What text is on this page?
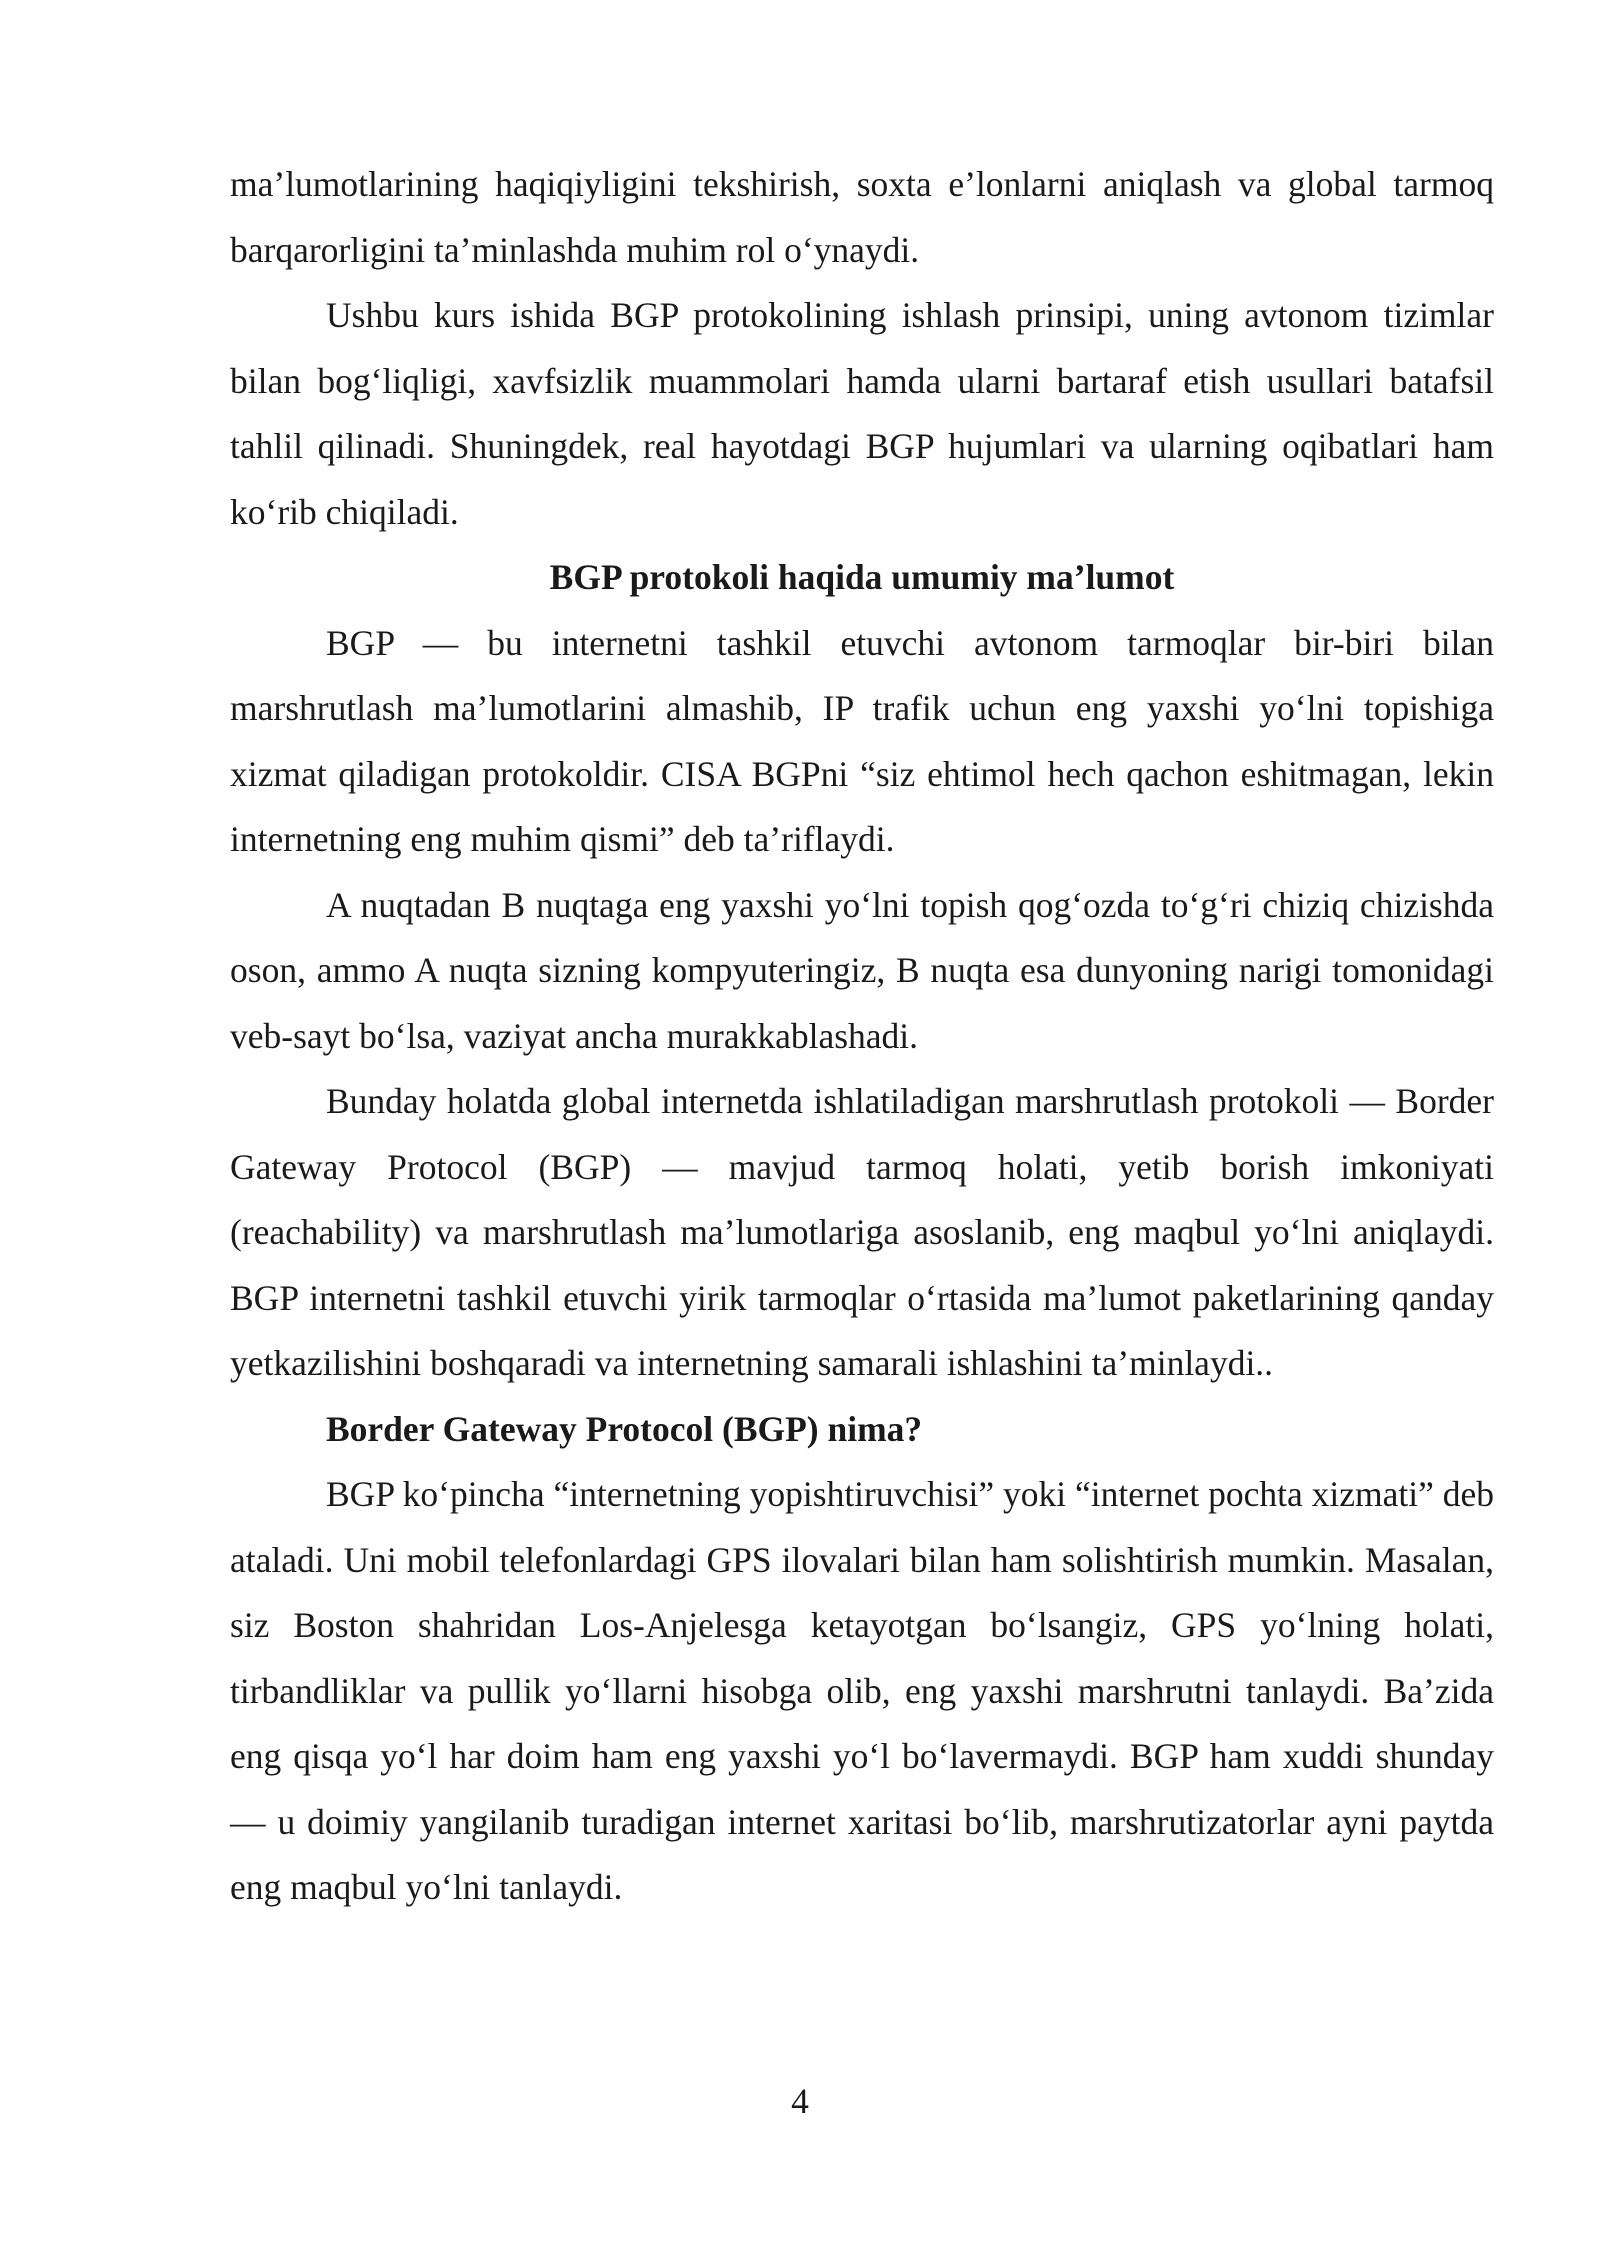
ma’lumotlarining haqiqiyligini tekshirish, soxta e’lonlarni aniqlash va global tarmoq barqarorligini ta’minlashda muhim rol o‘ynaydi.

Ushbu kurs ishida BGP protokolining ishlash prinsipi, uning avtonom tizimlar bilan bog‘liqligi, xavfsizlik muammolari hamda ularni bartaraf etish usullari batafsil tahlil qilinadi. Shuningdek, real hayotdagi BGP hujumlari va ularning oqibatlari ham ko‘rib chiqiladi.

BGP protokoli haqida umumiy ma’lumot

BGP — bu internetni tashkil etuvchi avtonom tarmoqlar bir-biri bilan marshrutlash ma’lumotlarini almashib, IP trafik uchun eng yaxshi yo‘lni topishiga xizmat qiladigan protokoldir. CISA BGPni “siz ehtimol hech qachon eshitmagan, lekin internetning eng muhim qismi” deb ta’riflaydi.

A nuqtadan B nuqtaga eng yaxshi yo‘lni topish qog‘ozda to‘g‘ri chiziq chizishda oson, ammo A nuqta sizning kompyuteringiz, B nuqta esa dunyoning narigi tomonidagi veb-sayt bo‘lsa, vaziyat ancha murakkablashadi.

Bunday holatda global internetda ishlatiladigan marshrutlash protokoli — Border Gateway Protocol (BGP) — mavjud tarmoq holati, yetib borish imkoniyati (reachability) va marshrutlash ma’lumotlariga asoslanib, eng maqbul yo‘lni aniqlaydi. BGP internetni tashkil etuvchi yirik tarmoqlar o‘rtasida ma’lumot paketlarining qanday yetkazilishini boshqaradi va internetning samarali ishlashini ta’minlaydi..

Border Gateway Protocol (BGP) nima?

BGP ko‘pincha “internetning yopishtiruvchisi” yoki “internet pochta xizmati” deb ataladi. Uni mobil telefonlardagi GPS ilovalari bilan ham solishtirish mumkin. Masalan, siz Boston shahridan Los-Anjelesga ketayotgan bo‘lsangiz, GPS yo‘lning holati, tirbandliklar va pullik yo‘llarni hisobga olib, eng yaxshi marshrutni tanlaydi. Ba’zida eng qisqa yo‘l har doim ham eng yaxshi yo‘l bo‘lavermaydi. BGP ham xuddi shunday — u doimiy yangilanib turadigan internet xaritasi bo‘lib, marshrutizatorlar ayni paytda eng maqbul yo‘lni tanlaydi.

4
